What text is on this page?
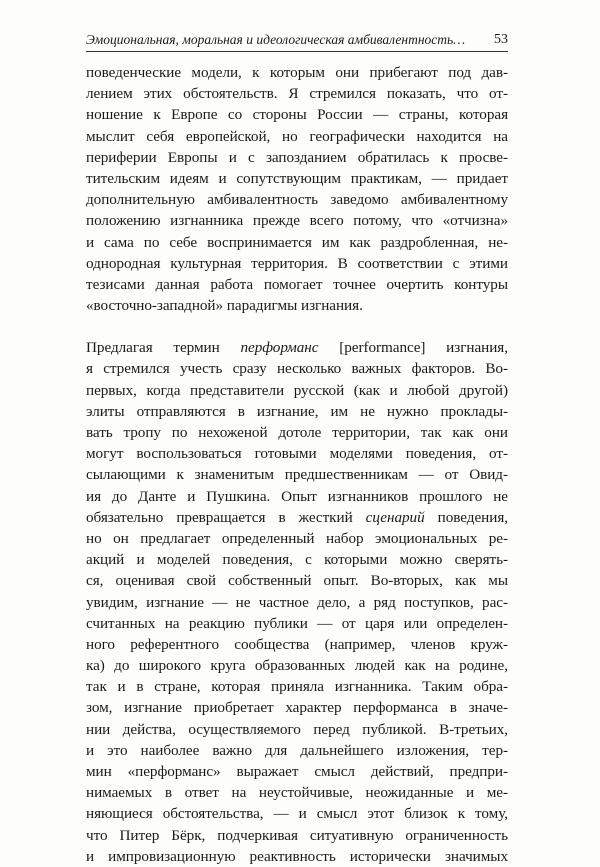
Эмоциональная, моральная и идеологическая амбивалентность… 53
поведенческие модели, к которым они прибегают под дав-
лением этих обстоятельств. Я стремился показать, что от-
ношение к Европе со стороны России — страны, которая
мыслит себя европейской, но географически находится на
периферии Европы и с запозданием обратилась к просве-
тительским идеям и сопутствующим практикам, — придает
дополнительную амбивалентность заведомо амбивалентному
положению изгнанника прежде всего потому, что «отчизна»
и сама по себе воспринимается им как раздробленная, не-
однородная культурная территория. В соответствии с этими
тезисами данная работа помогает точнее очертить контуры
«восточно-западной» парадигмы изгнания.
Предлагая термин перформанс [performance] изгнания,
я стремился учесть сразу несколько важных факторов. Во-
первых, когда представители русской (как и любой другой)
элиты отправляются в изгнание, им не нужно проклады-
вать тропу по нехоженой дотоле территории, так как они
могут воспользоваться готовыми моделями поведения, от-
сылающими к знаменитым предшественникам — от Овид-
ия до Данте и Пушкина. Опыт изгнанников прошлого не
обязательно превращается в жесткий сценарий поведения,
но он предлагает определенный набор эмоциональных ре-
акций и моделей поведения, с которыми можно сверять-
ся, оценивая свой собственный опыт. Во-вторых, как мы
увидим, изгнание — не частное дело, а ряд поступков, рас-
считанных на реакцию публики — от царя или определен-
ного референтного сообщества (например, членов круж-
ка) до широкого круга образованных людей как на родине,
так и в стране, которая приняла изгнанника. Таким обра-
зом, изгнание приобретает характер перформанса в значе-
нии действа, осуществляемого перед публикой. В-третьих,
и это наиболее важно для дальнейшего изложения, тер-
мин «перформанс» выражает смысл действий, предпри-
нимаемых в ответ на неустойчивые, неожиданные и ме-
няющиеся обстоятельства, — и смысл этот близок к тому,
что Питер Бёрк, подчеркивая ситуативную ограниченность
и импровизационную реактивность исторически значимых
